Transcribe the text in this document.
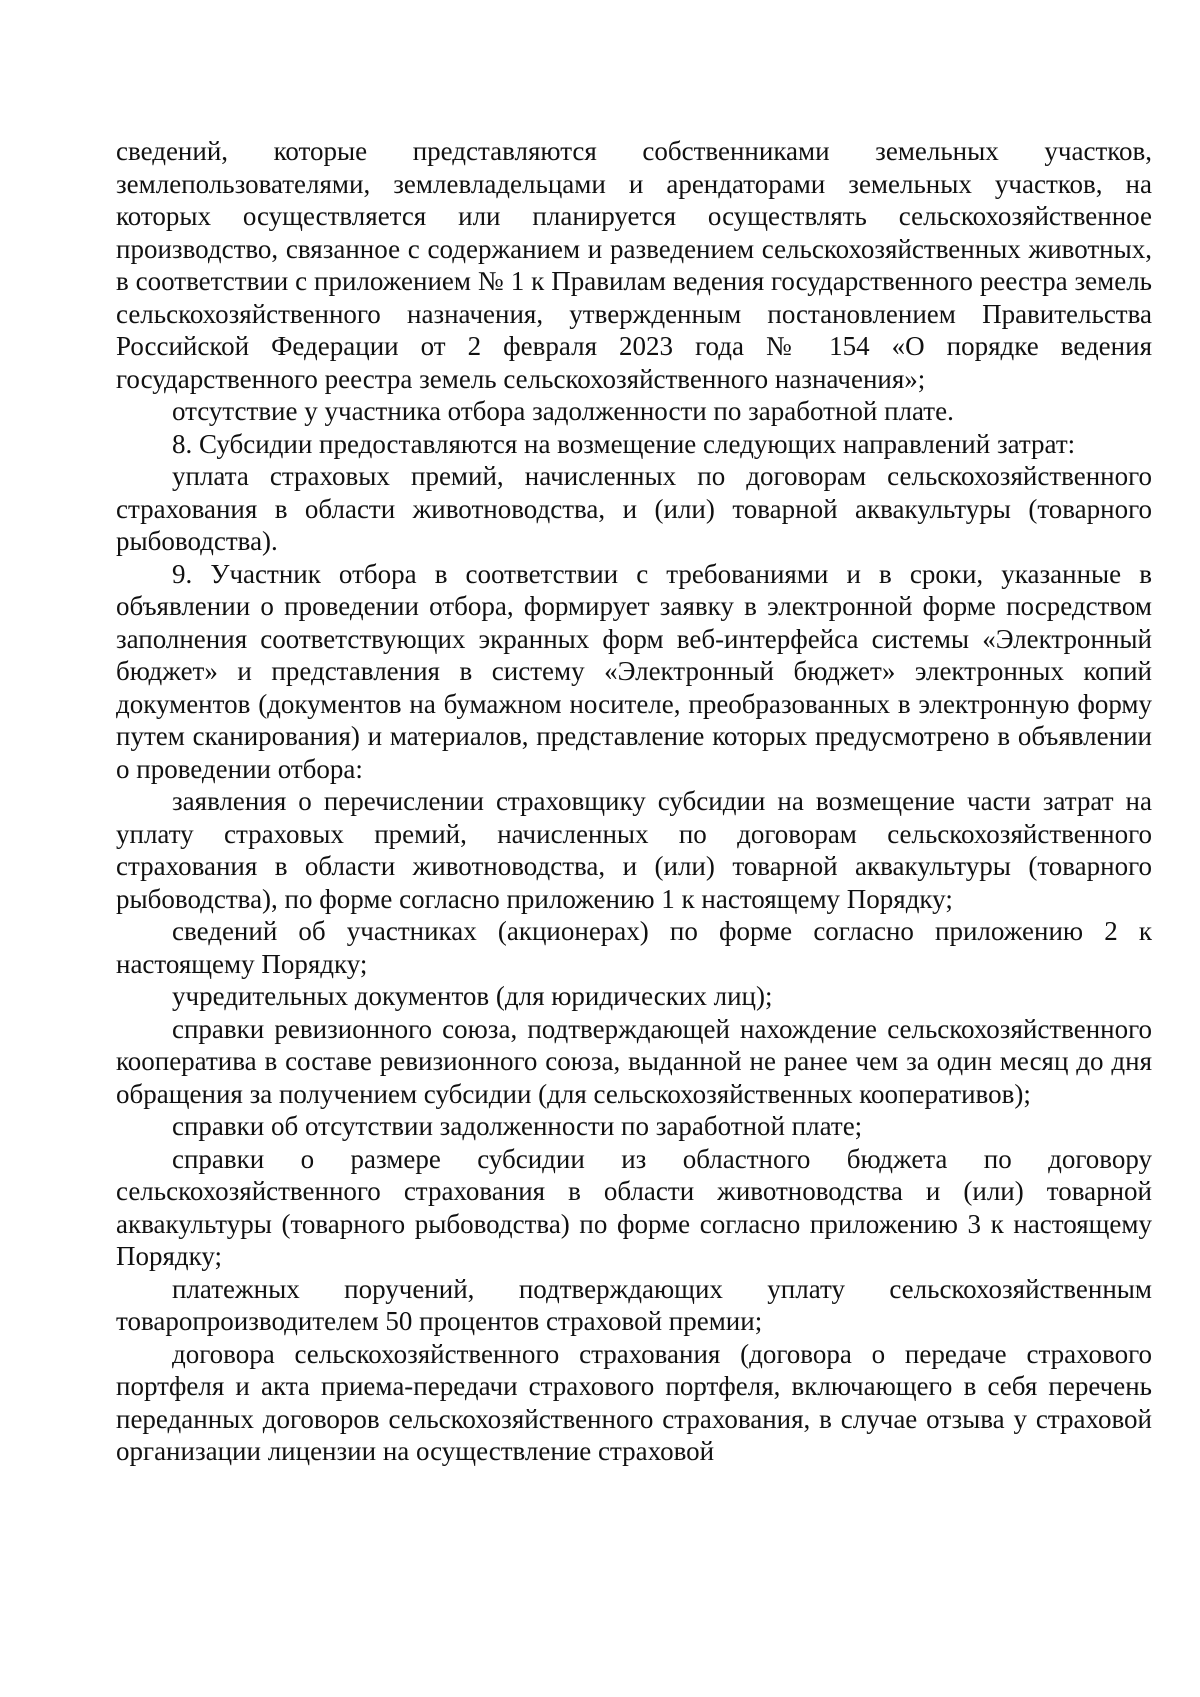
сведений, которые представляются собственниками земельных участков, землепользователями, землевладельцами и арендаторами земельных участков, на которых осуществляется или планируется осуществлять сельскохозяйственное производство, связанное с содержанием и разведением сельскохозяйственных животных, в соответствии с приложением № 1 к Правилам ведения государственного реестра земель сельскохозяйственного назначения, утвержденным постановлением Правительства Российской Федерации от 2 февраля 2023 года № 154 «О порядке ведения государственного реестра земель сельскохозяйственного назначения»;

отсутствие у участника отбора задолженности по заработной плате.

8. Субсидии предоставляются на возмещение следующих направлений затрат:

уплата страховых премий, начисленных по договорам сельскохозяйственного страхования в области животноводства, и (или) товарной аквакультуры (товарного рыбоводства).

9. Участник отбора в соответствии с требованиями и в сроки, указанные в объявлении о проведении отбора, формирует заявку в электронной форме посредством заполнения соответствующих экранных форм веб-интерфейса системы «Электронный бюджет» и представления в систему «Электронный бюджет» электронных копий документов (документов на бумажном носителе, преобразованных в электронную форму путем сканирования) и материалов, представление которых предусмотрено в объявлении о проведении отбора:

заявления о перечислении страховщику субсидии на возмещение части затрат на уплату страховых премий, начисленных по договорам сельскохозяйственного страхования в области животноводства, и (или) товарной аквакультуры (товарного рыбоводства), по форме согласно приложению 1 к настоящему Порядку;

сведений об участниках (акционерах) по форме согласно приложению 2 к настоящему Порядку;

учредительных документов (для юридических лиц);

справки ревизионного союза, подтверждающей нахождение сельскохозяйственного кооператива в составе ревизионного союза, выданной не ранее чем за один месяц до дня обращения за получением субсидии (для сельскохозяйственных кооперативов);

справки об отсутствии задолженности по заработной плате;

справки о размере субсидии из областного бюджета по договору сельскохозяйственного страхования в области животноводства и (или) товарной аквакультуры (товарного рыбоводства) по форме согласно приложению 3 к настоящему Порядку;

платежных поручений, подтверждающих уплату сельскохозяйственным товаропроизводителем 50 процентов страховой премии;

договора сельскохозяйственного страхования (договора о передаче страхового портфеля и акта приема-передачи страхового портфеля, включающего в себя перечень переданных договоров сельскохозяйственного страхования, в случае отзыва у страховой организации лицензии на осуществление страховой
